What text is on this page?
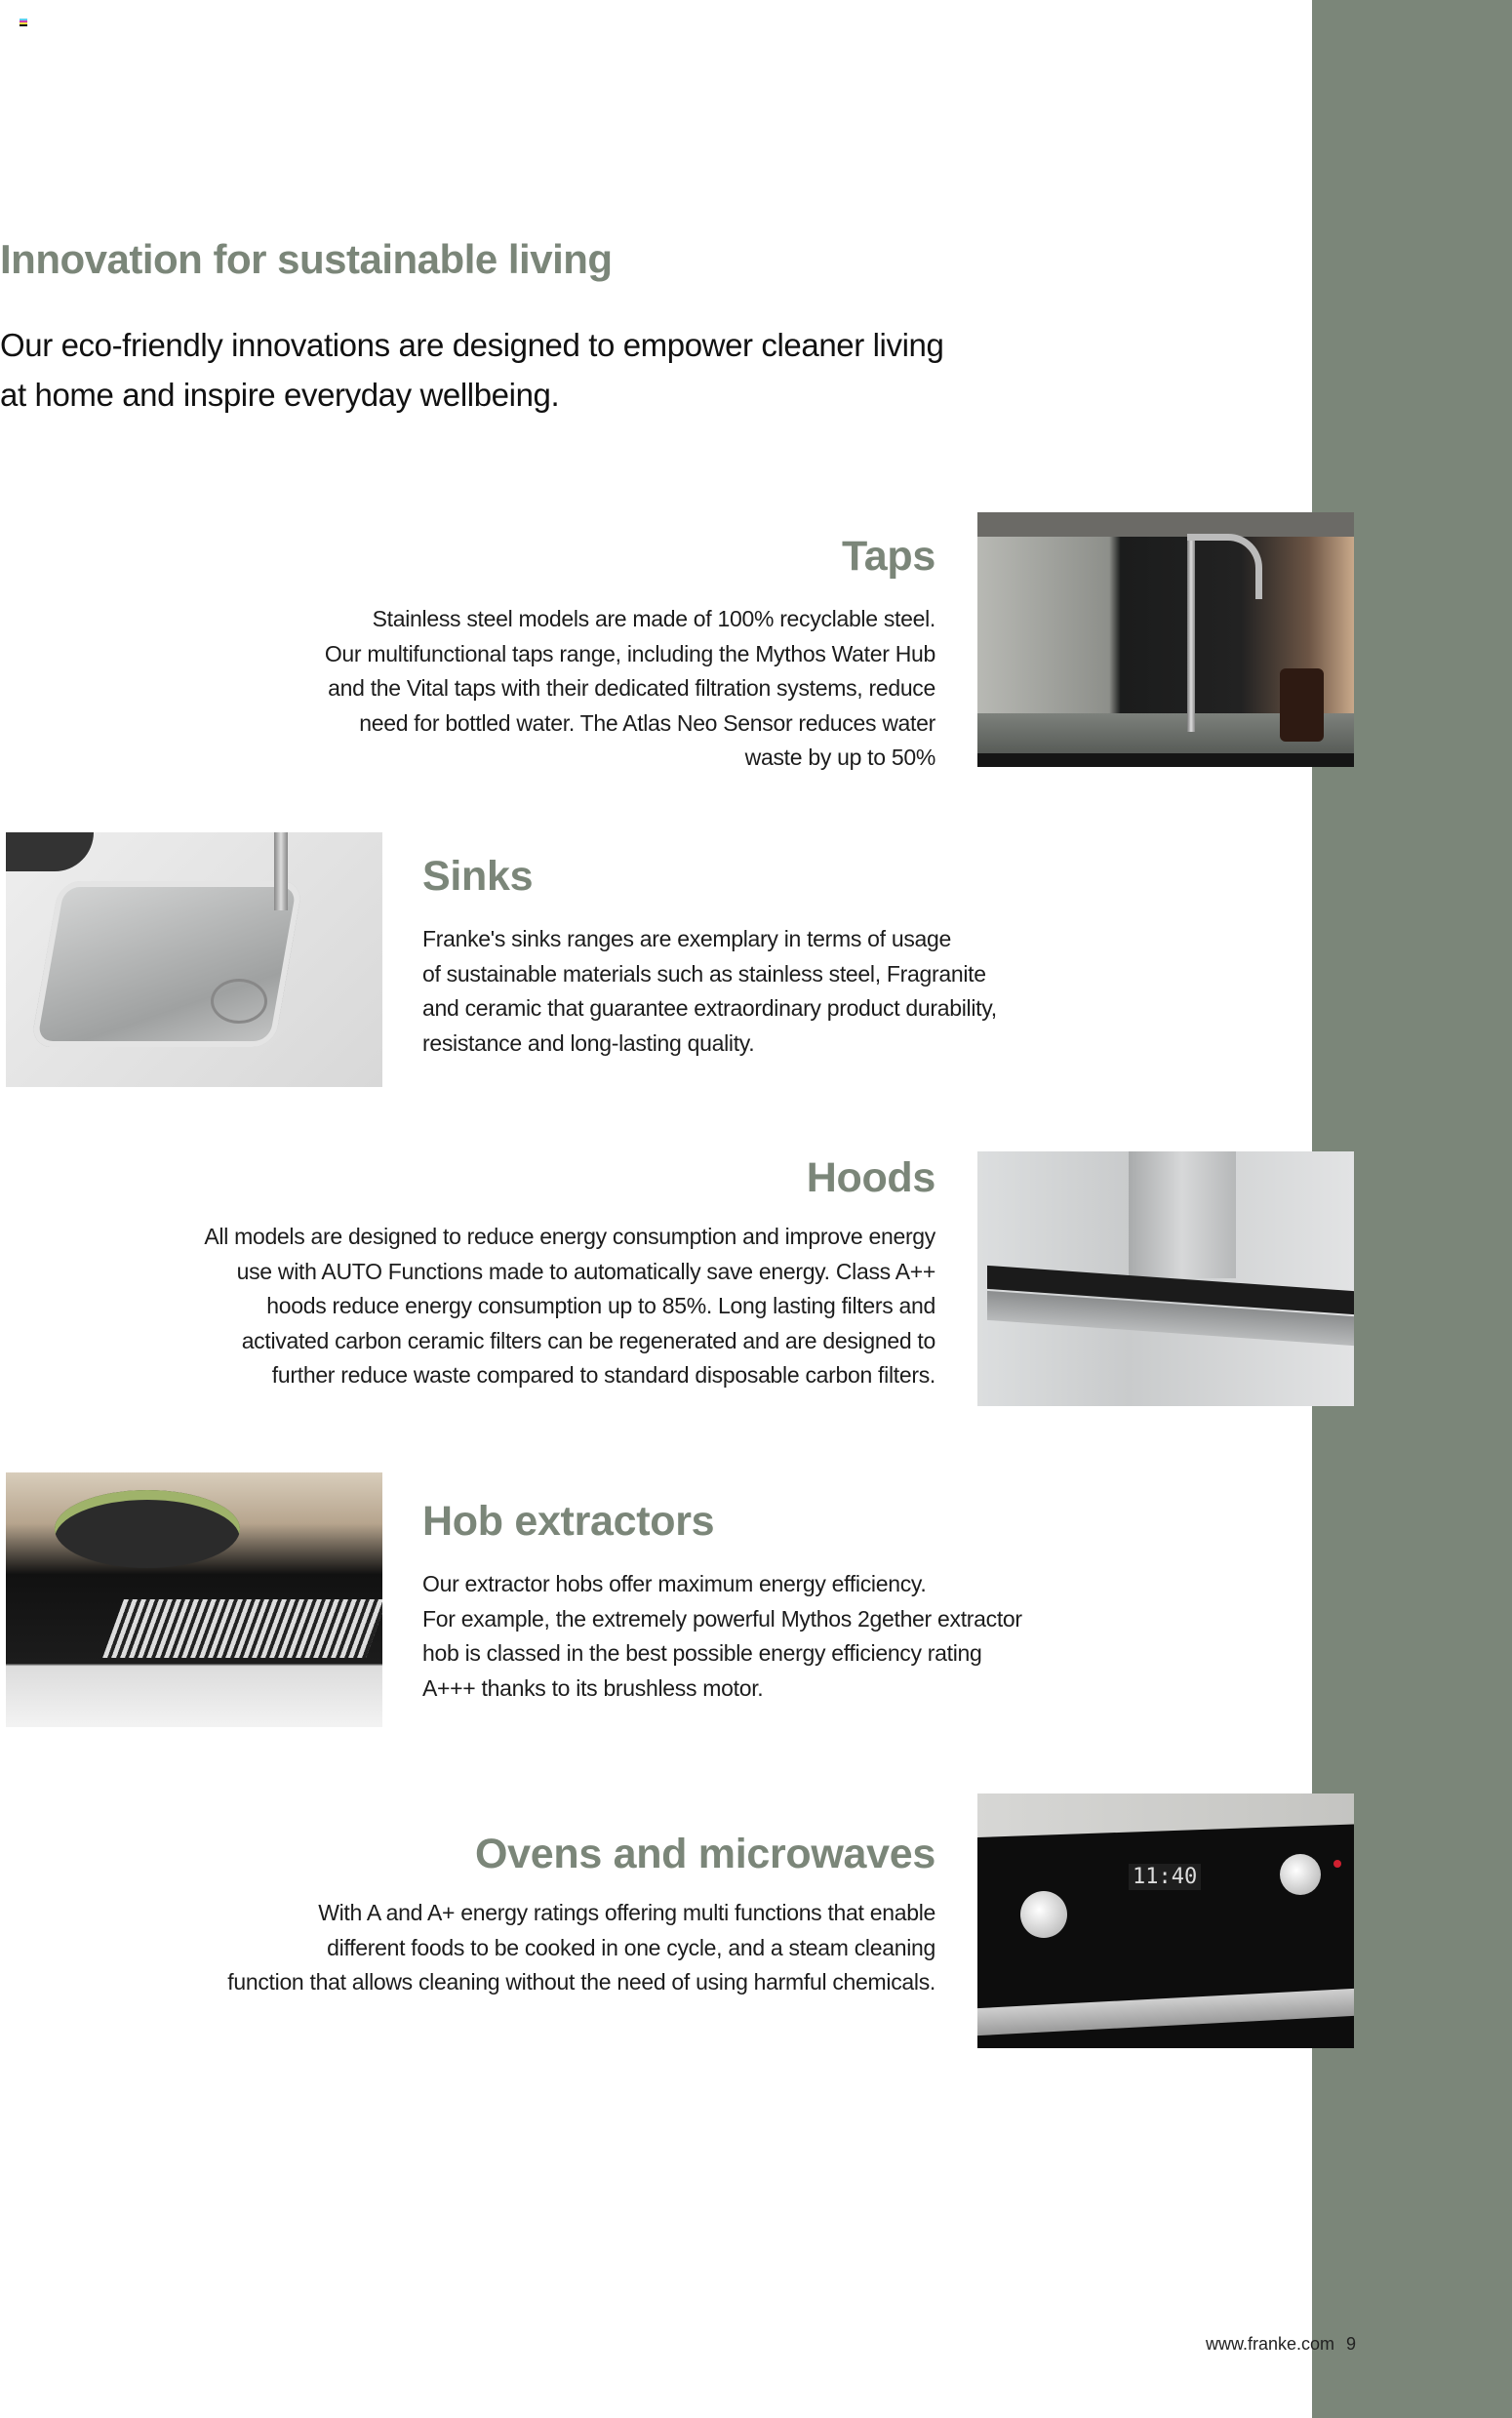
Innovation for sustainable living
Our eco-friendly innovations are designed to empower cleaner living
at home and inspire everyday wellbeing.
Taps

Stainless steel models are made of 100% recyclable steel.
Our multifunctional taps range, including the Mythos Water Hub
and the Vital taps with their dedicated filtration systems, reduce
need for bottled water. The Atlas Neo Sensor reduces water
waste by up to 50%

Sinks

Franke's sinks ranges are exemplary in terms of usage
of sustainable materials such as stainless steel, Fragranite
and ceramic that guarantee extraordinary product durability,
resistance and long-lasting quality.

Hoods

All models are designed to reduce energy consumption and improve energy
use with AUTO Functions made to automatically save energy. Class A++
hoods reduce energy consumption up to 85%. Long lasting filters and
activated carbon ceramic filters can be regenerated and are designed to
further reduce waste compared to standard disposable carbon filters.

Hob extractors

Our extractor hobs offer maximum energy efficiency.
For example, the extremely powerful Mythos 2gether extractor
hob is classed in the best possible energy efficiency rating
A+++ thanks to its brushless motor.

Ovens and microwaves

With A and A+ energy ratings offering multi functions that enable
different foods to be cooked in one cycle, and a steam cleaning
function that allows cleaning without the need of using harmful chemicals.

11:40
www.franke.com 9
